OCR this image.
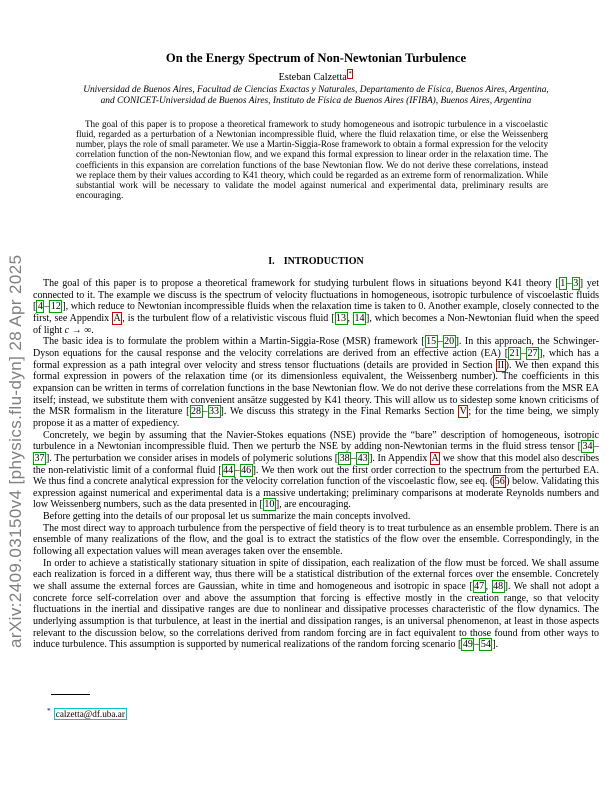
arXiv:2409.03150v4 [physics.flu-dyn] 28 Apr 2025
On the Energy Spectrum of Non-Newtonian Turbulence
Esteban Calzetta *
Universidad de Buenos Aires, Facultad de Ciencias Exactas y Naturales, Departamento de Física, Buenos Aires, Argentina,
and CONICET-Universidad de Buenos Aires, Instituto de Física de Buenos Aires (IFIBA), Buenos Aires, Argentina
The goal of this paper is to propose a theoretical framework to study homogeneous and isotropic turbulence in a viscoelastic fluid, regarded as a perturbation of a Newtonian incompressible fluid, where the fluid relaxation time, or else the Weissenberg number, plays the role of small parameter. We use a Martin-Siggia-Rose framework to obtain a formal expression for the velocity correlation function of the non-Newtonian flow, and we expand this formal expression to linear order in the relaxation time. The coefficients in this expansion are correlation functions of the base Newtonian flow. We do not derive these correlations, instead we replace them by their values according to K41 theory, which could be regarded as an extreme form of renormalization. While substantial work will be necessary to validate the model against numerical and experimental data, preliminary results are encouraging.
I. INTRODUCTION

The goal of this paper is to propose a theoretical framework for studying turbulent flows in situations beyond K41 theory [ 1 – 3 ] yet connected to it. The example we discuss is the spectrum of velocity fluctuations in homogeneous, isotropic turbulence of viscoelastic fluids [ 4 – 12 ], which reduce to Newtonian incompressible fluids when the relaxation time is taken to 0. Another example, closely connected to the first, see Appendix A , is the turbulent flow of a relativistic viscous fluid [ 13 , 14 ], which becomes a Non-Newtonian fluid when the speed of light c → ∞.

The basic idea is to formulate the problem within a Martin-Siggia-Rose (MSR) framework [ 15 – 20 ]. In this approach, the Schwinger-Dyson equations for the causal response and the velocity correlations are derived from an effective action (EA) [ 21 – 27 ], which has a formal expression as a path integral over velocity and stress tensor fluctuations (details are provided in Section II ). We then expand this formal expression in powers of the relaxation time (or its dimensionless equivalent, the Weissenberg number). The coefficients in this expansion can be written in terms of correlation functions in the base Newtonian flow. We do not derive these correlations from the MSR EA itself; instead, we substitute them with convenient ansätze suggested by K41 theory. This will allow us to sidestep some known criticisms of the MSR formalism in the literature [ 28 – 33 ]. We discuss this strategy in the Final Remarks Section V ; for the time being, we simply propose it as a matter of expediency.

Concretely, we begin by assuming that the Navier-Stokes equations (NSE) provide the “bare” description of homogeneous, isotropic turbulence in a Newtonian incompressible fluid. Then we perturb the NSE by adding non-Newtonian terms in the fluid stress tensor [ 34 –37 ]. The perturbation we consider arises in models of polymeric solutions [ 38 – 43 ]. In Appendix A we show that this model also describes the non-relativistic limit of a conformal fluid [ 44 – 46 ]. We then work out the first order correction to the spectrum from the perturbed EA. We thus find a concrete analytical expression for the velocity correlation function of the viscoelastic flow, see eq. ( 56 ) below. Validating this expression against numerical and experimental data is a massive undertaking; preliminary comparisons at moderate Reynolds numbers and low Weissenberg numbers, such as the data presented in [ 10 ], are encouraging.

Before getting into the details of our proposal let us summarize the main concepts involved.

The most direct way to approach turbulence from the perspective of field theory is to treat turbulence as an ensemble problem. There is an ensemble of many realizations of the flow, and the goal is to extract the statistics of the flow over the ensemble. Correspondingly, in the following all expectation values will mean averages taken over the ensemble.

In order to achieve a statistically stationary situation in spite of dissipation, each realization of the flow must be forced. We shall assume each realization is forced in a different way, thus there will be a statistical distribution of the external forces over the ensemble. Concretely we shall assume the external forces are Gaussian, white in time and homogeneous and isotropic in space [ 47 , 48 ]. We shall not adopt a concrete force self-correlation over and above the assumption that forcing is effective mostly in the creation range, so that velocity fluctuations in the inertial and dissipative ranges are due to nonlinear and dissipative processes characteristic of the flow dynamics. The underlying assumption is that turbulence, at least in the inertial and dissipation ranges, is an universal phenomenon, at least in those aspects relevant to the discussion below, so the correlations derived from random forcing are in fact equivalent to those found from other ways to induce turbulence. This assumption is supported by numerical realizations of the random forcing scenario [ 49 – 54 ].

* calzetta@df.uba.ar
